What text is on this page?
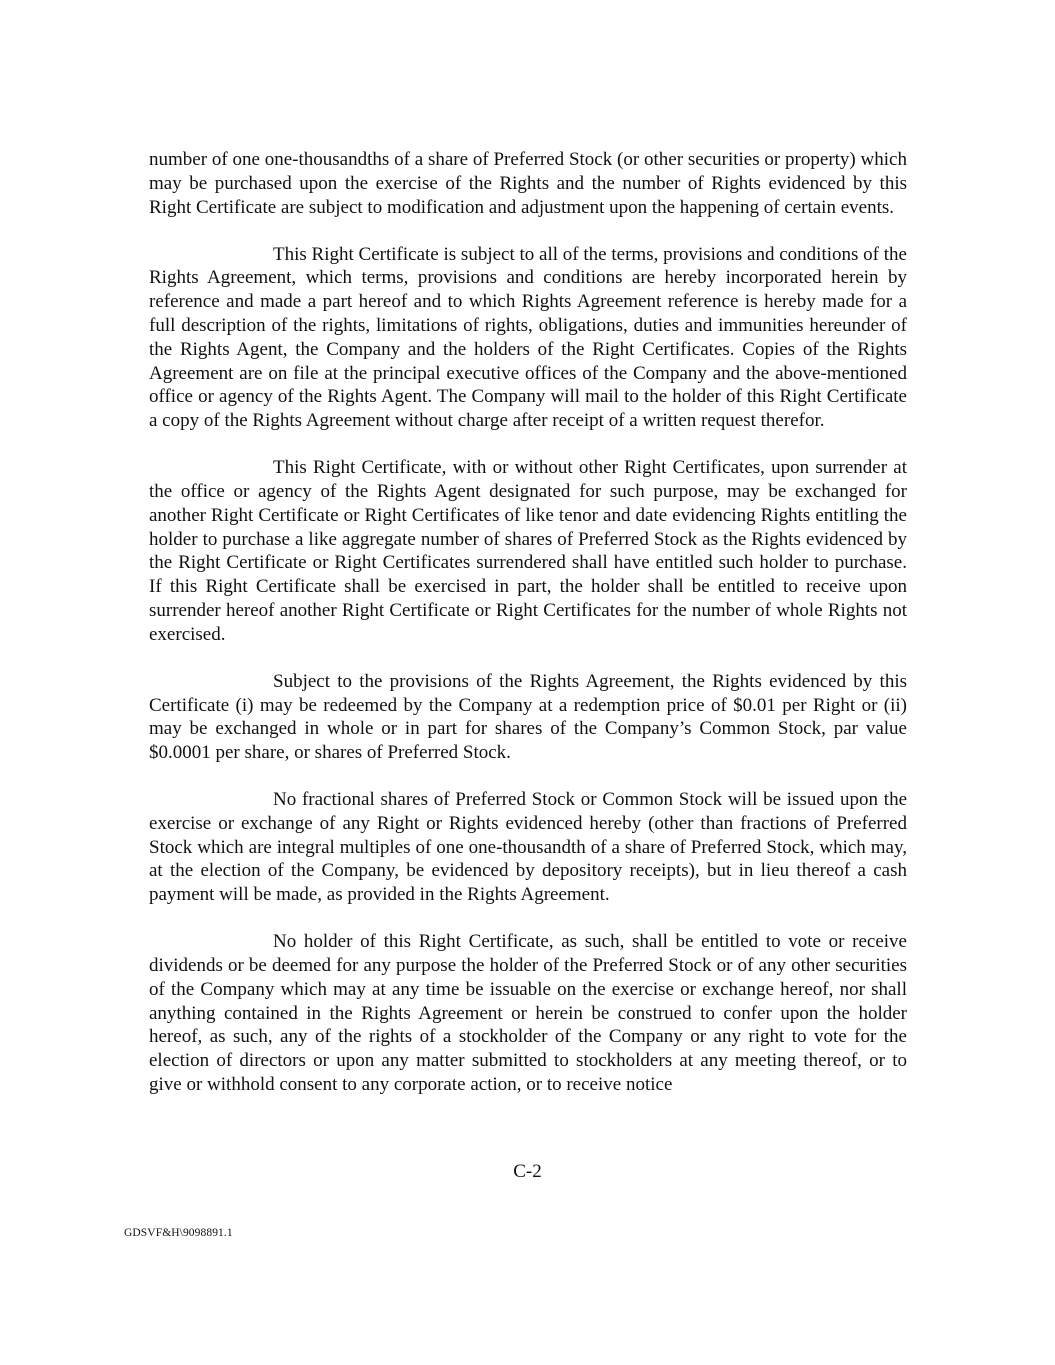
number of one one-thousandths of a share of Preferred Stock (or other securities or property) which may be purchased upon the exercise of the Rights and the number of Rights evidenced by this Right Certificate are subject to modification and adjustment upon the happening of certain events.

This Right Certificate is subject to all of the terms, provisions and conditions of the Rights Agreement, which terms, provisions and conditions are hereby incorporated herein by reference and made a part hereof and to which Rights Agreement reference is hereby made for a full description of the rights, limitations of rights, obligations, duties and immunities hereunder of the Rights Agent, the Company and the holders of the Right Certificates. Copies of the Rights Agreement are on file at the principal executive offices of the Company and the above-mentioned office or agency of the Rights Agent. The Company will mail to the holder of this Right Certificate a copy of the Rights Agreement without charge after receipt of a written request therefor.

This Right Certificate, with or without other Right Certificates, upon surrender at the office or agency of the Rights Agent designated for such purpose, may be exchanged for another Right Certificate or Right Certificates of like tenor and date evidencing Rights entitling the holder to purchase a like aggregate number of shares of Preferred Stock as the Rights evidenced by the Right Certificate or Right Certificates surrendered shall have entitled such holder to purchase. If this Right Certificate shall be exercised in part, the holder shall be entitled to receive upon surrender hereof another Right Certificate or Right Certificates for the number of whole Rights not exercised.

Subject to the provisions of the Rights Agreement, the Rights evidenced by this Certificate (i) may be redeemed by the Company at a redemption price of $0.01 per Right or (ii) may be exchanged in whole or in part for shares of the Company’s Common Stock, par value $0.0001 per share, or shares of Preferred Stock.

No fractional shares of Preferred Stock or Common Stock will be issued upon the exercise or exchange of any Right or Rights evidenced hereby (other than fractions of Preferred Stock which are integral multiples of one one-thousandth of a share of Preferred Stock, which may, at the election of the Company, be evidenced by depository receipts), but in lieu thereof a cash payment will be made, as provided in the Rights Agreement.

No holder of this Right Certificate, as such, shall be entitled to vote or receive dividends or be deemed for any purpose the holder of the Preferred Stock or of any other securities of the Company which may at any time be issuable on the exercise or exchange hereof, nor shall anything contained in the Rights Agreement or herein be construed to confer upon the holder hereof, as such, any of the rights of a stockholder of the Company or any right to vote for the election of directors or upon any matter submitted to stockholders at any meeting thereof, or to give or withhold consent to any corporate action, or to receive notice

C-2
GDSVF&H\9098891.1
